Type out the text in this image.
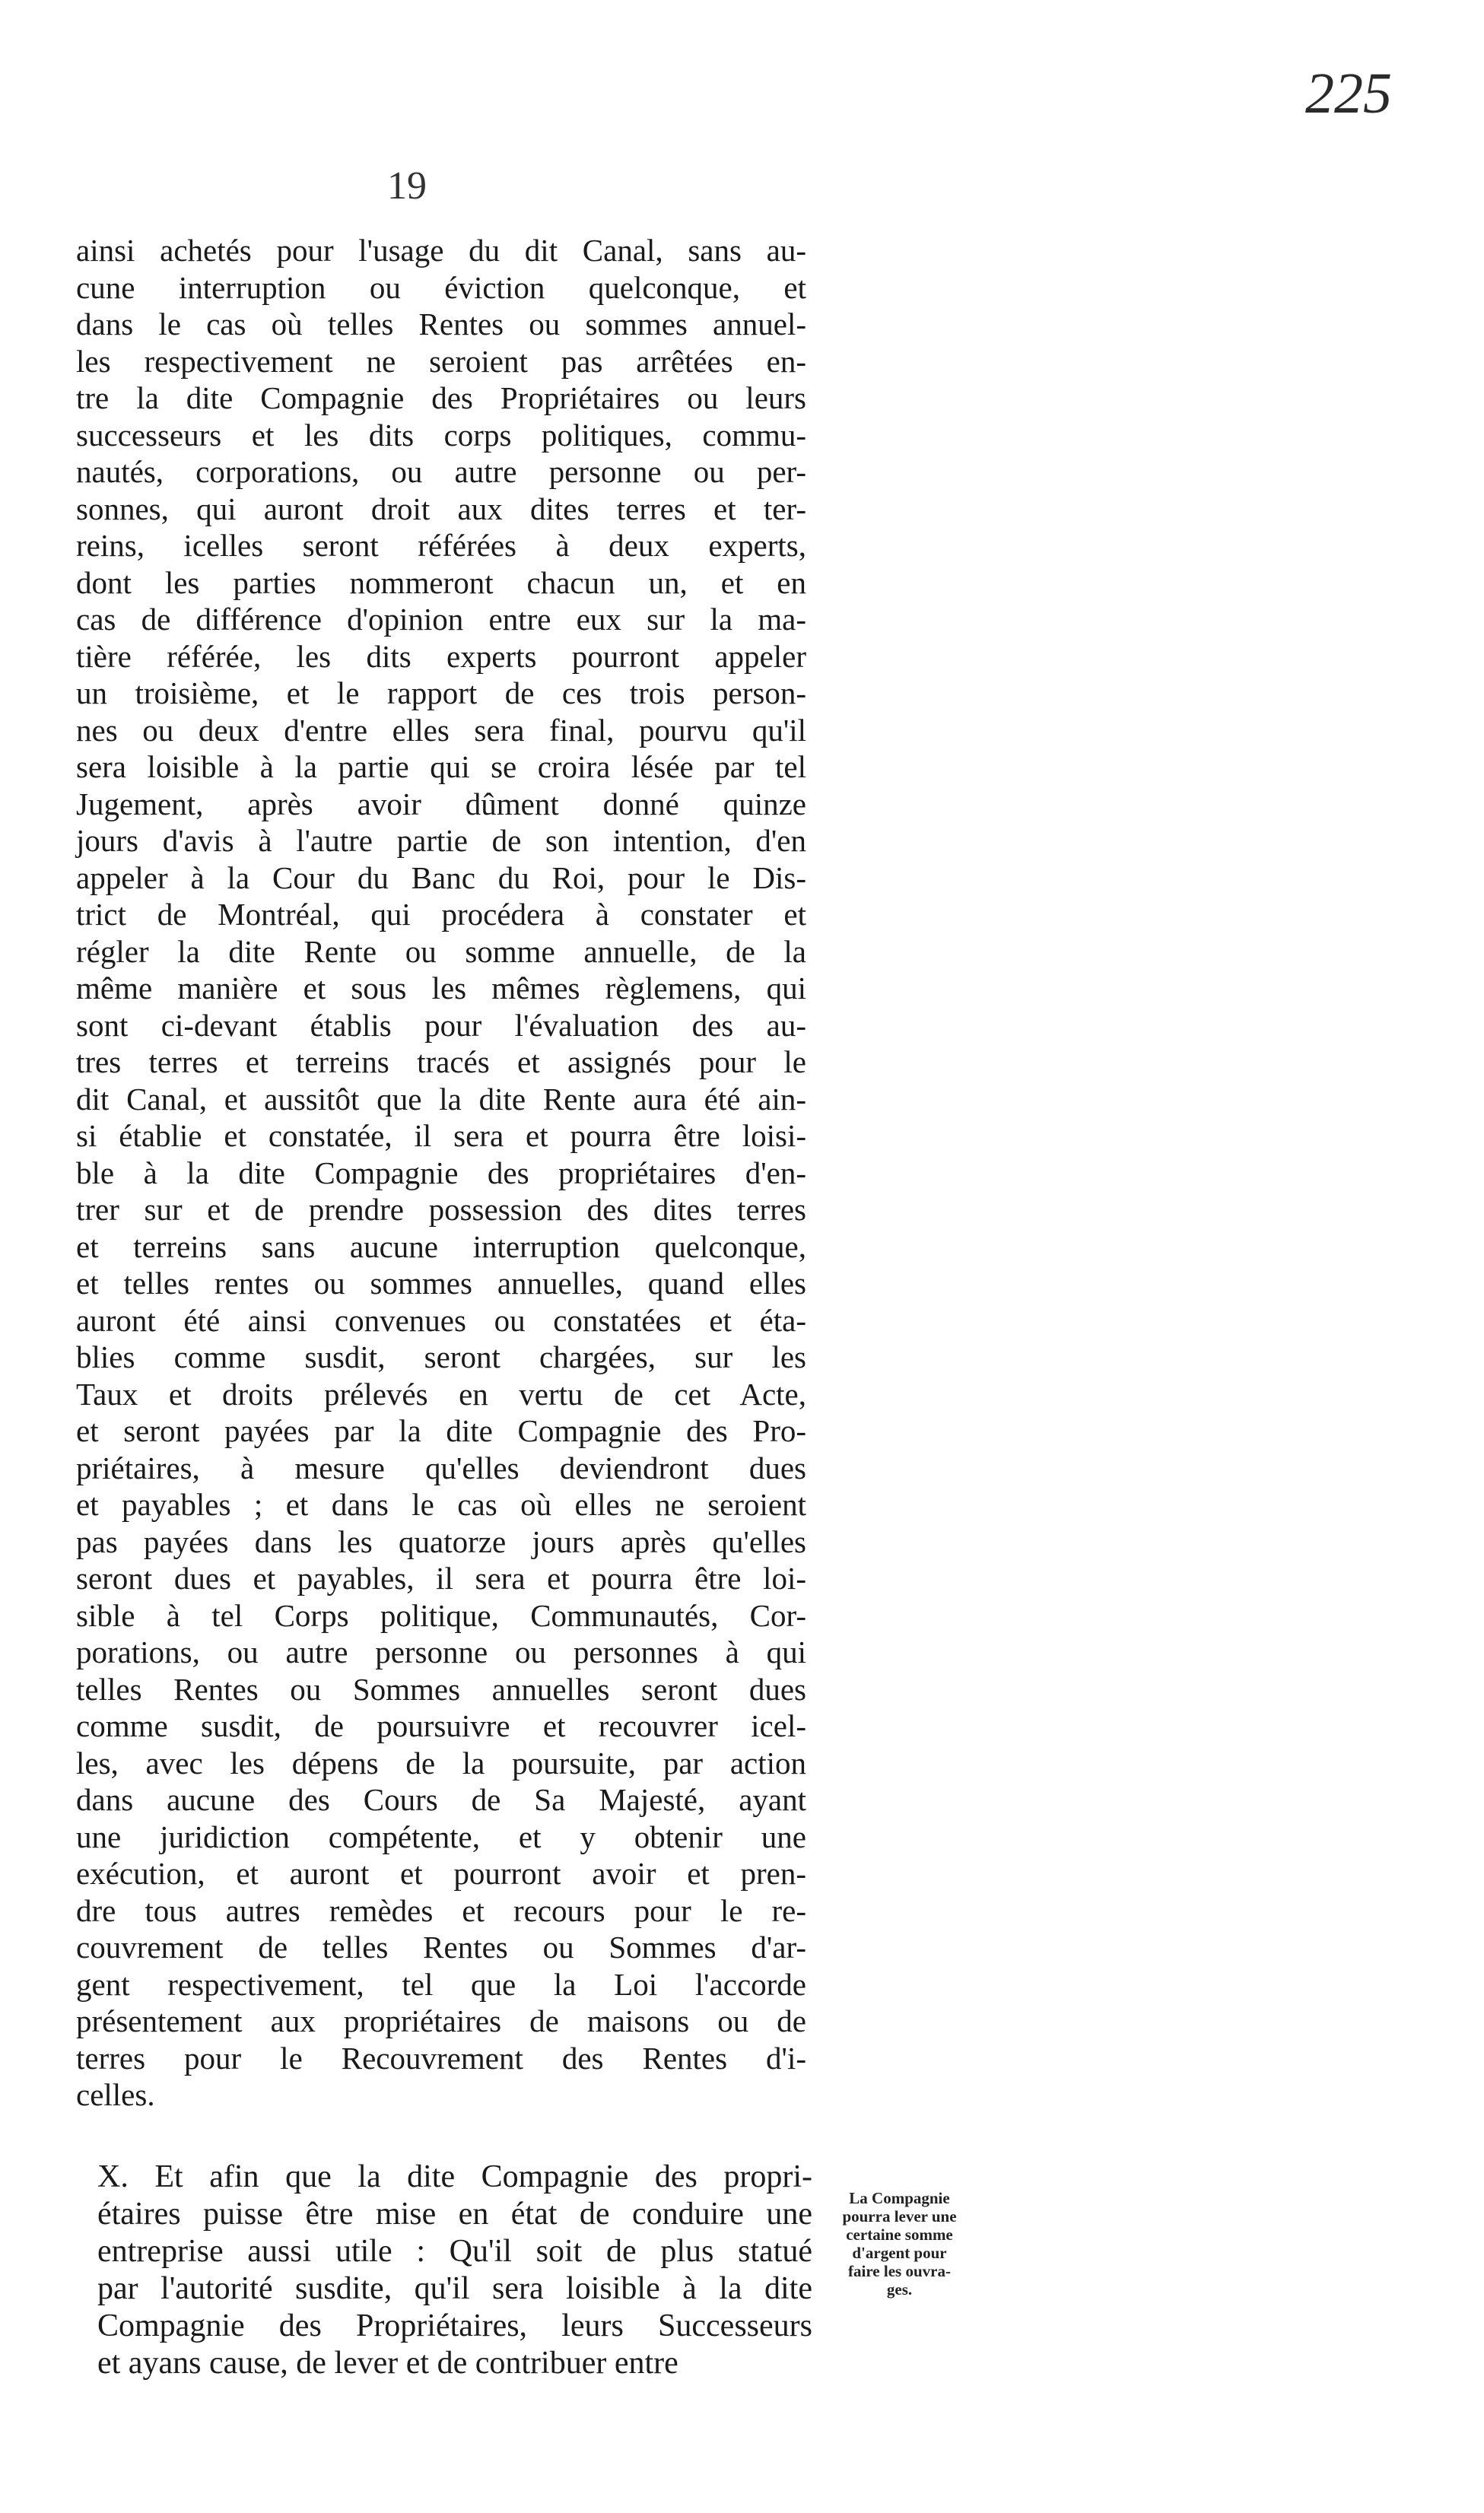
225
19
ainsi achetés pour l'usage du dit Canal, sans au-
cune interruption ou éviction quelconque, et
dans le cas où telles Rentes ou sommes annuel-
les respectivement ne seroient pas arrêtées en-
tre la dite Compagnie des Propriétaires ou leurs
successeurs et les dits corps politiques, commu-
nautés, corporations, ou autre personne ou per-
sonnes, qui auront droit aux dites terres et ter-
reins, icelles seront référées à deux experts,
dont les parties nommeront chacun un, et en
cas de différence d'opinion entre eux sur la ma-
tière référée, les dits experts pourront appeler
un troisième, et le rapport de ces trois person-
nes ou deux d'entre elles sera final, pourvu qu'il
sera loisible à la partie qui se croira lésée par tel
Jugement, après avoir dûment donné quinze
jours d'avis à l'autre partie de son intention, d'en
appeler à la Cour du Banc du Roi, pour le Dis-
trict de Montréal, qui procédera à constater et
régler la dite Rente ou somme annuelle, de la
même manière et sous les mêmes règlemens, qui
sont ci-devant établis pour l'évaluation des au-
tres terres et terreins tracés et assignés pour le
dit Canal, et aussitôt que la dite Rente aura été ain-
si établie et constatée, il sera et pourra être loisi-
ble à la dite Compagnie des propriétaires d'en-
trer sur et de prendre possession des dites terres
et terreins sans aucune interruption quelconque,
et telles rentes ou sommes annuelles, quand elles
auront été ainsi convenues ou constatées et éta-
blies comme susdit, seront chargées, sur les
Taux et droits prélevés en vertu de cet Acte,
et seront payées par la dite Compagnie des Pro-
priétaires, à mesure qu'elles deviendront dues
et payables ; et dans le cas où elles ne seroient
pas payées dans les quatorze jours après qu'elles
seront dues et payables, il sera et pourra être loi-
sible à tel Corps politique, Communautés, Cor-
porations, ou autre personne ou personnes à qui
telles Rentes ou Sommes annuelles seront dues
comme susdit, de poursuivre et recouvrer icel-
les, avec les dépens de la poursuite, par action
dans aucune des Cours de Sa Majesté, ayant
une juridiction compétente, et y obtenir une
exécution, et auront et pourront avoir et pren-
dre tous autres remèdes et recours pour le re-
couvrement de telles Rentes ou Sommes d'ar-
gent respectivement, tel que la Loi l'accorde
présentement aux propriétaires de maisons ou de
terres pour le Recouvrement des Rentes d'i-
celles.
X. Et afin que la dite Compagnie des propri-
étaires puisse être mise en état de conduire une
entreprise aussi utile : Qu'il soit de plus statué
par l'autorité susdite, qu'il sera loisible à la dite
Compagnie des Propriétaires, leurs Successeurs
et ayans cause, de lever et de contribuer entre
La Compagnie
pourra lever une
certaine somme
d'argent pour
faire les ouvra-
ges.
